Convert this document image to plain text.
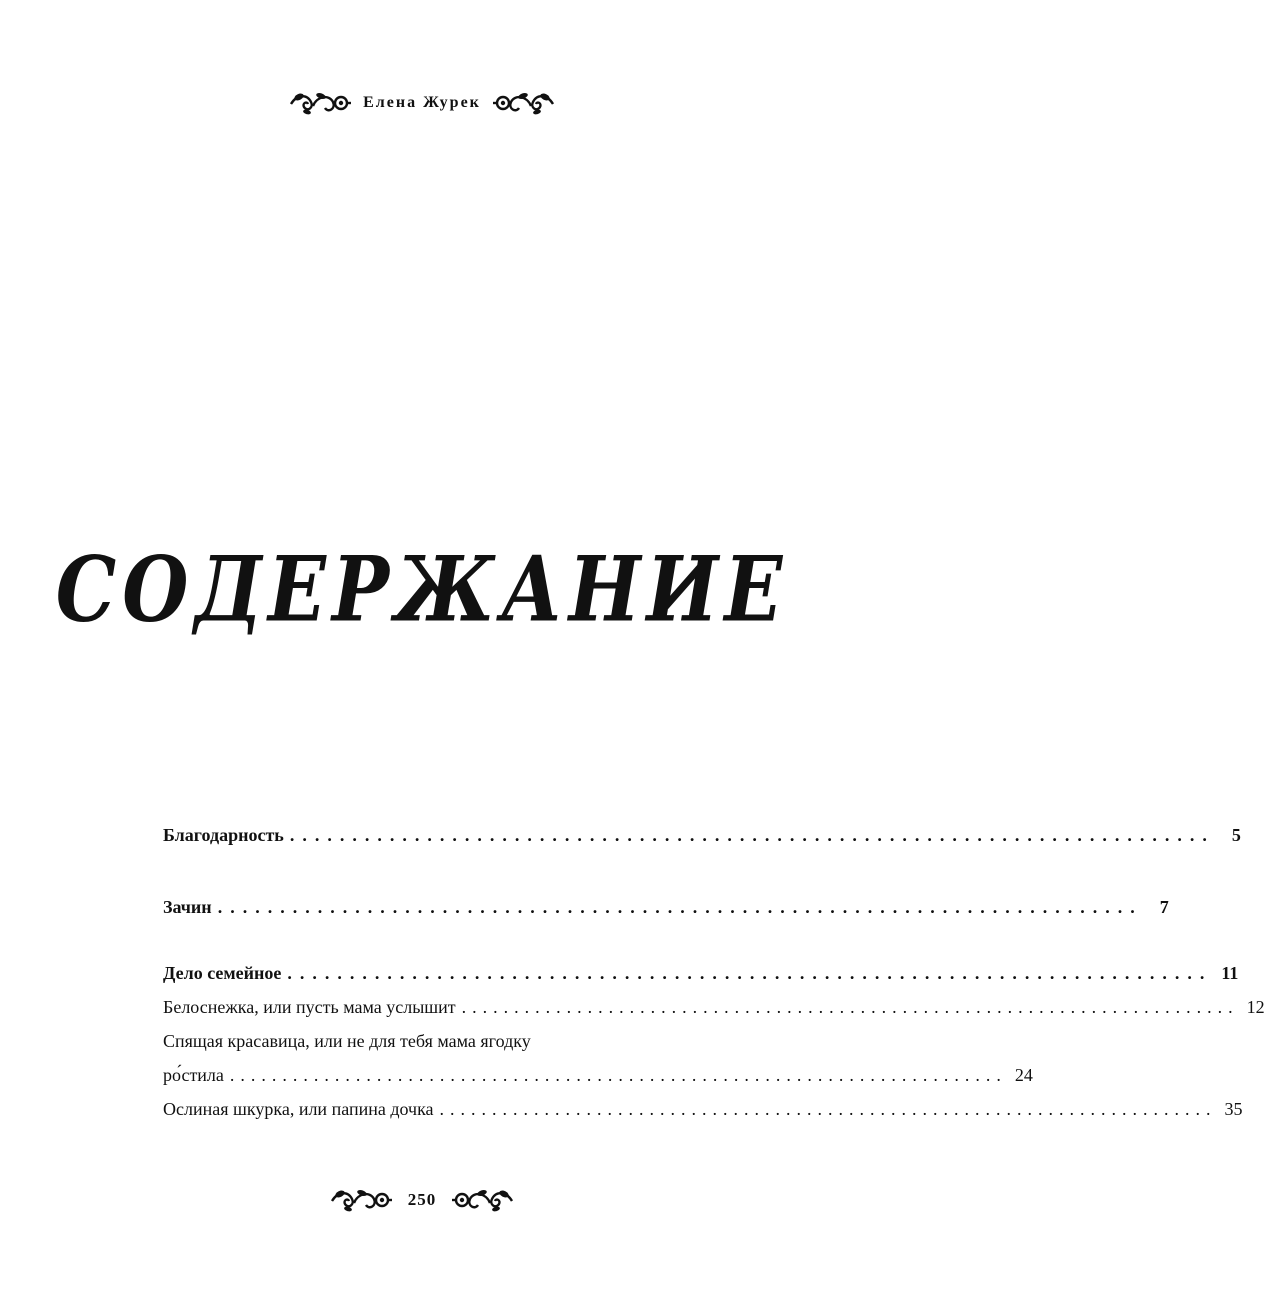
Елена Журек
СОДЕРЖАНИЕ
Благодарность .......................................................................... 5
Зачин .......................................................................... 7
Дело семейное .......................................................................... 11
Белоснежка, или пусть мама услышит .......................................................................... 12
Спящая красавица, или не для тебя мама ягодку
ро́стила .......................................................................... 24
Ослиная шкурка, или папина дочка .......................................................................... 35
250
